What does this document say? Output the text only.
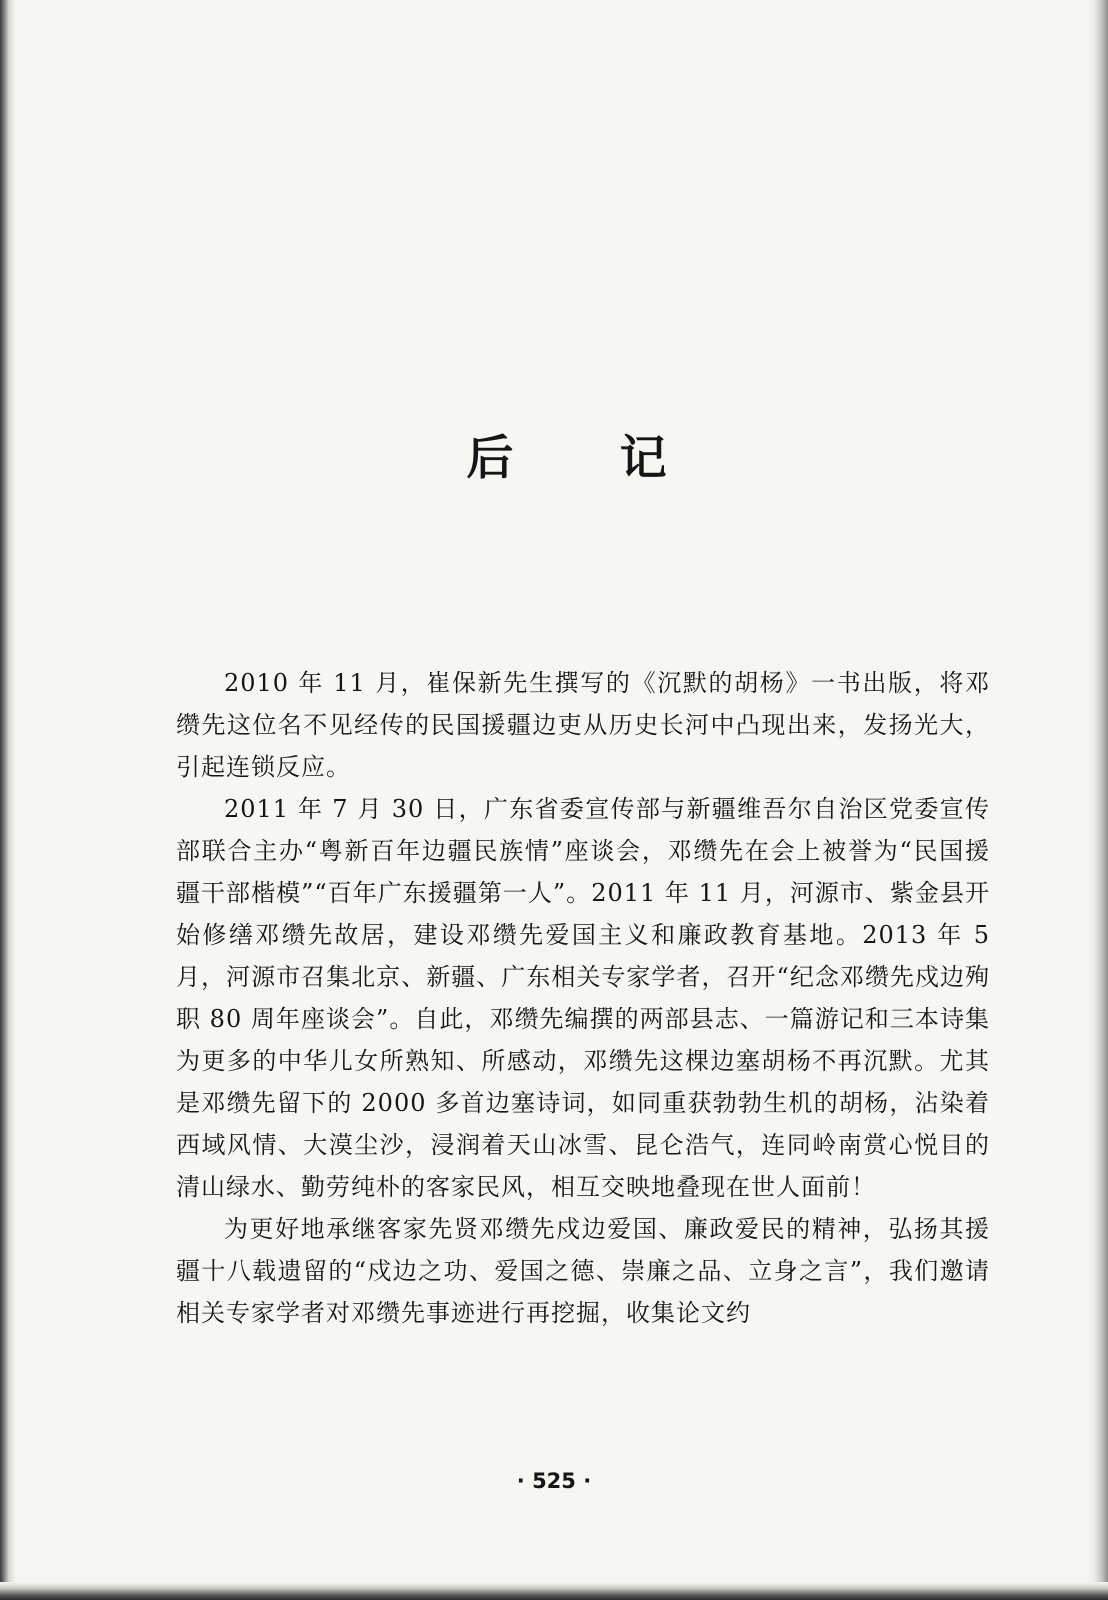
后 记

2010 年 11 月，崔保新先生撰写的《沉默的胡杨》一书出版，将邓缵先这位名不见经传的民国援疆边吏从历史长河中凸现出来，发扬光大，引起连锁反应。

2011 年 7 月 30 日，广东省委宣传部与新疆维吾尔自治区党委宣传部联合主办“粤新百年边疆民族情”座谈会，邓缵先在会上被誉为“民国援疆干部楷模”“百年广东援疆第一人”。2011 年 11 月，河源市、紫金县开始修缮邓缵先故居，建设邓缵先爱国主义和廉政教育基地。2013 年 5 月，河源市召集北京、新疆、广东相关专家学者，召开“纪念邓缵先戍边殉职 80 周年座谈会”。自此，邓缵先编撰的两部县志、一篇游记和三本诗集为更多的中华儿女所熟知、所感动，邓缵先这棵边塞胡杨不再沉默。尤其是邓缵先留下的 2000 多首边塞诗词，如同重获勃勃生机的胡杨，沾染着西域风情、大漠尘沙，浸润着天山冰雪、昆仑浩气，连同岭南赏心悦目的清山绿水、勤劳纯朴的客家民风，相互交映地叠现在世人面前！

为更好地承继客家先贤邓缵先戍边爱国、廉政爱民的精神，弘扬其援疆十八载遗留的“戍边之功、爱国之德、崇廉之品、立身之言”，我们邀请相关专家学者对邓缵先事迹进行再挖掘，收集论文约

· 525 ·
